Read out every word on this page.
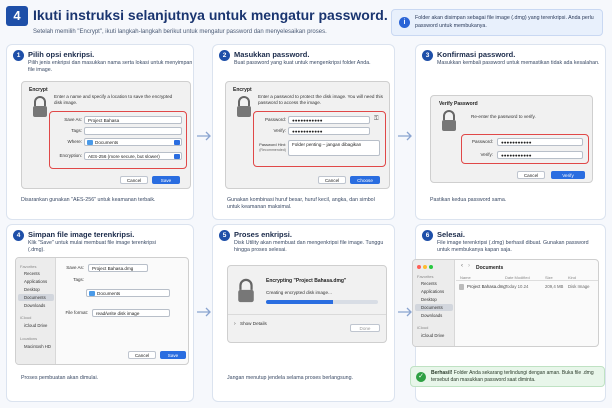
4 Ikuti instruksi selanjutnya untuk mengatur password.
Setelah memilih "Encrypt", ikuti langkah-langkah berikut untuk mengatur password dan menyelesaikan proses.
i
Folder akan disimpan sebagai file image (.dmg) yang terenkripsi. Anda perlu password untuk membukanya.
1	Pilih opsi enkripsi.
Pilih jenis enkripsi dan masukkan nama serta lokasi untuk menyimpan file image.
Encrypt
Enter a name and specify a location to save the encrypted disk image.
Save As:	Project Bahasa
Tags:
Where:	Documents
Encryption:	AES-256 (more secure, but slower)
Cancel	Save
Disarankan gunakan "AES-256" untuk keamanan terbaik.
2	Masukkan password.
Buat password yang kuat untuk mengenkripsi folder Anda.
Encrypt
Enter a password to protect the disk image. You will need this password to access the image.
Password:	●●●●●●●●●●●	⚿
Verify:	●●●●●●●●●●●
Password Hint:
(Recommended)
Folder penting – jangan dibagikan
Cancel	Choose
Gunakan kombinasi huruf besar, huruf kecil, angka, dan simbol untuk keamanan maksimal.
3	Konfirmasi password.
Masukkan kembali password untuk memastikan tidak ada kesalahan.
Verify Password
Re-enter the password to verify.
Password:	●●●●●●●●●●●
Verify:	●●●●●●●●●●●
Cancel	Verify
Pastikan kedua password sama.
4	Simpan file image terenkripsi.
Klik "Save" untuk mulai membuat file image terenkripsi (.dmg).
Favorites
Recents
Applications
Desktop
Documents
Downloads
iCloud
iCloud Drive
Locations
Macintosh HD
Save As:	Project Bahasa.dmg
Tags:
Documents
File format:	read/write disk image
Cancel	Save
Proses pembuatan akan dimulai.
5	Proses enkripsi.
Disk Utility akan membuat dan mengenkripsi file image. Tunggu hingga proses selesai.
Encrypting "Project Bahasa.dmg"
Creating encrypted disk image...
› Show Details
Done
Jangan menutup jendela selama proses berlangsung.
6	Selesai.
File image terenkripsi (.dmg) berhasil dibuat. Gunakan password untuk membukanya kapan saja.
Favorites
Recents
Applications
Desktop
Documents
Downloads
iCloud
iCloud Drive
‹ › Documents
Name	Date Modified	Size	Kind
Project Bahasa.dmg Today 10.24	209,4 MB Disk Image
✓	Berhasil! Folder Anda sekarang terlindungi dengan aman. Buka file .dmg tersebut dan masukkan password saat diminta.
